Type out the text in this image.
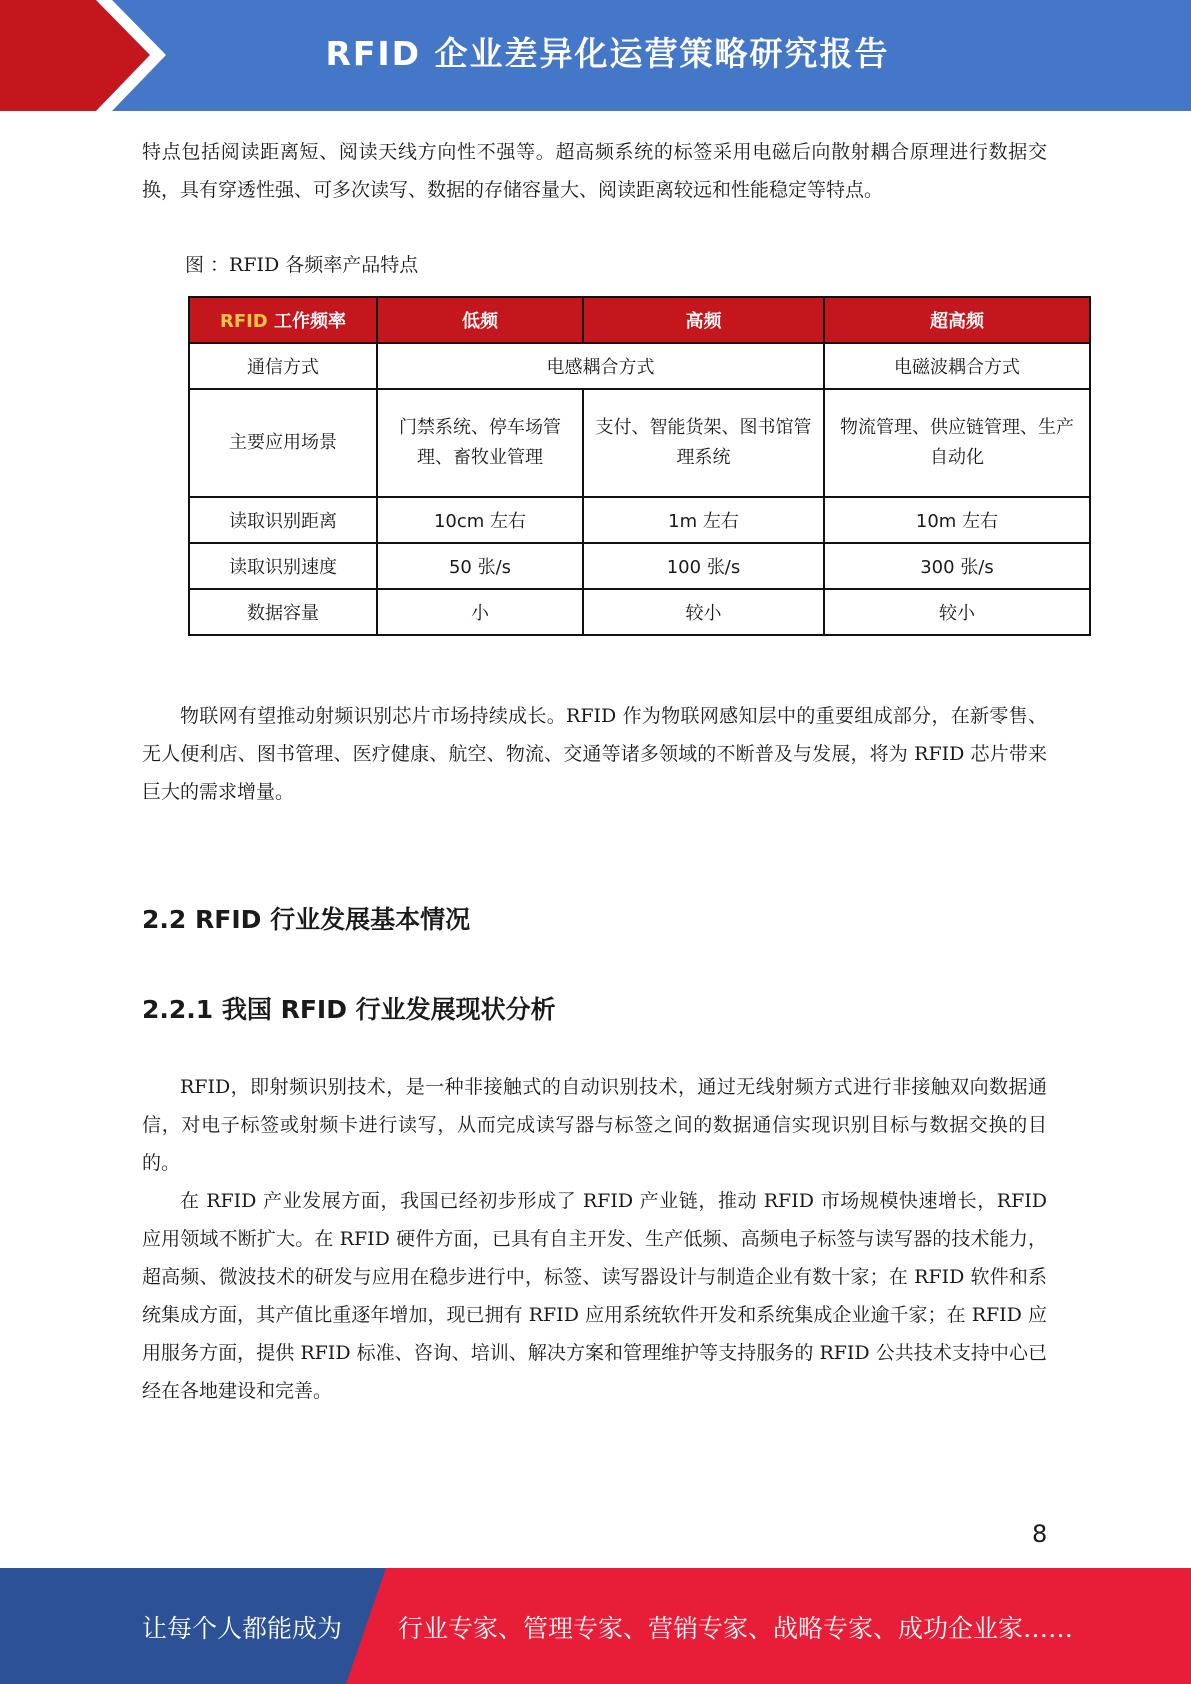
RFID 企业差异化运营策略研究报告

特点包括阅读距离短、阅读天线方向性不强等。超高频系统的标签采用电磁后向散射耦合原理进行数据交换，具有穿透性强、可多次读写、数据的存储容量大、阅读距离较远和性能稳定等特点。

图 ：RFID 各频率产品特点
RFID 工作频率	低频	高频	超高频
通信方式	电感耦合方式		电磁波耦合方式
主要应用场景	门禁系统、停车场管理、畜牧业管理	支付、智能货架、图书馆管理系统	物流管理、供应链管理、生产自动化
读取识别距离	10cm 左右	1m 左右	10m 左右
读取识别速度	50 张/s	100 张/s	300 张/s
数据容量	小	较小	较小

物联网有望推动射频识别芯片市场持续成长。RFID 作为物联网感知层中的重要组成部分，在新零售、无人便利店、图书管理、医疗健康、航空、物流、交通等诸多领域的不断普及与发展，将为 RFID 芯片带来巨大的需求增量。

2.2 RFID 行业发展基本情况
2.2.1 我国 RFID 行业发展现状分析

RFID，即射频识别技术，是一种非接触式的自动识别技术，通过无线射频方式进行非接触双向数据通信，对电子标签或射频卡进行读写，从而完成读写器与标签之间的数据通信实现识别目标与数据交换的目的。

在 RFID 产业发展方面，我国已经初步形成了 RFID 产业链，推动 RFID 市场规模快速增长，RFID 应用领域不断扩大。在 RFID 硬件方面，已具有自主开发、生产低频、高频电子标签与读写器的技术能力，超高频、微波技术的研发与应用在稳步进行中，标签、读写器设计与制造企业有数十家；在 RFID 软件和系统集成方面，其产值比重逐年增加，现已拥有 RFID 应用系统软件开发和系统集成企业逾千家；在 RFID 应用服务方面，提供 RFID 标准、咨询、培训、解决方案和管理维护等支持服务的 RFID 公共技术支持中心已经在各地建设和完善。

8
让每个人都能成为 行业专家、管理专家、营销专家、战略专家、成功企业家……
